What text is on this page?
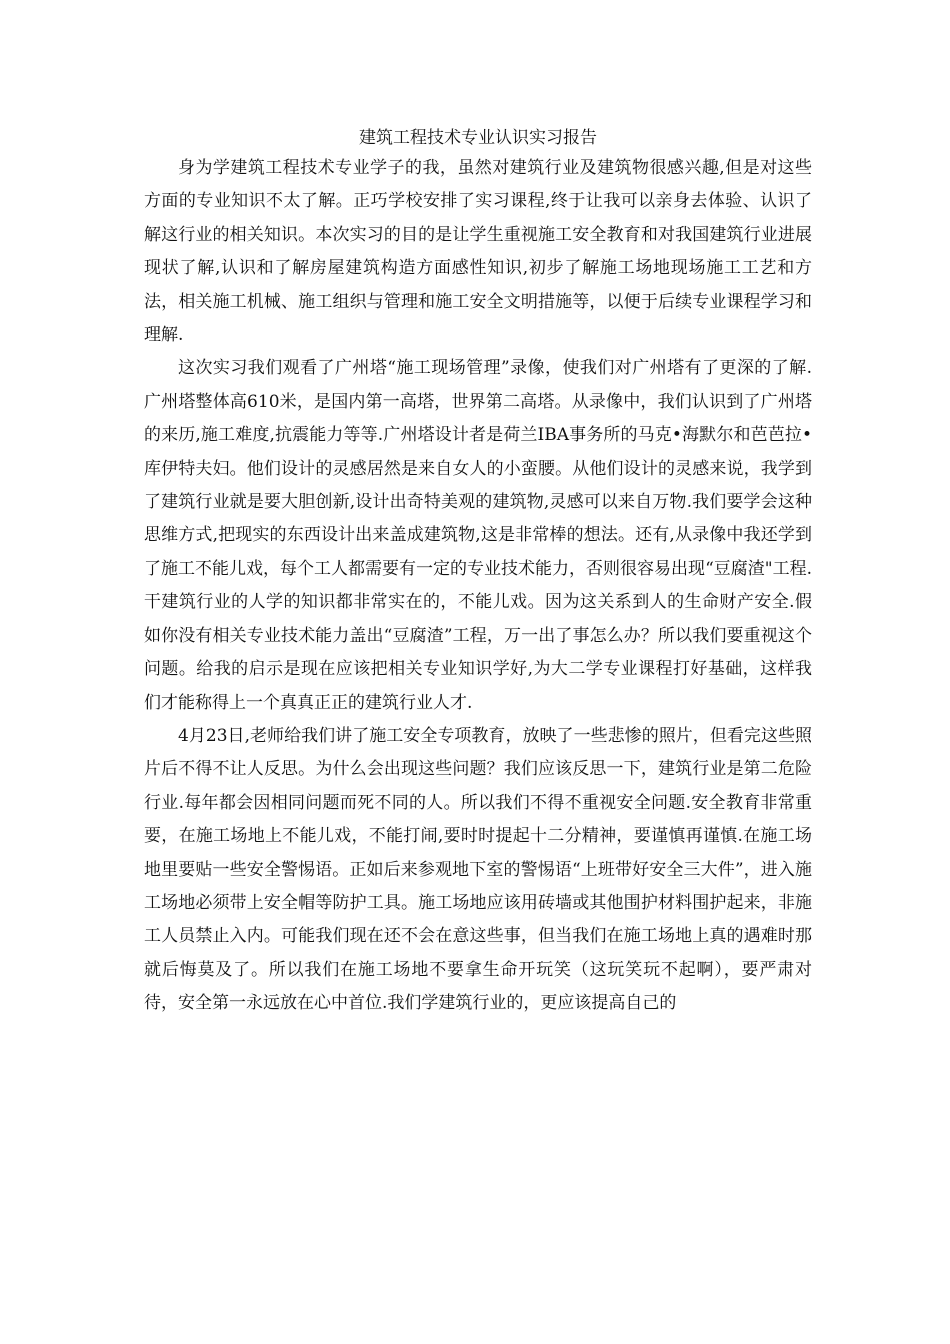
建筑工程技术专业认识实习报告

身为学建筑工程技术专业学子的我，虽然对建筑行业及建筑物很感兴趣,但是对这些方面的专业知识不太了解。正巧学校安排了实习课程,终于让我可以亲身去体验、认识了解这行业的相关知识。本次实习的目的是让学生重视施工安全教育和对我国建筑行业进展现状了解,认识和了解房屋建筑构造方面感性知识,初步了解施工场地现场施工工艺和方法，相关施工机械、施工组织与管理和施工安全文明措施等，以便于后续专业课程学习和理解.

这次实习我们观看了广州塔“施工现场管理”录像，使我们对广州塔有了更深的了解.广州塔整体高610米，是国内第一高塔，世界第二高塔。从录像中，我们认识到了广州塔的来历,施工难度,抗震能力等等.广州塔设计者是荷兰IBA事务所的马克•海默尔和芭芭拉•库伊特夫妇。他们设计的灵感居然是来自女人的小蛮腰。从他们设计的灵感来说，我学到了建筑行业就是要大胆创新,设计出奇特美观的建筑物,灵感可以来自万物.我们要学会这种思维方式,把现实的东西设计出来盖成建筑物,这是非常棒的想法。还有,从录像中我还学到了施工不能儿戏，每个工人都需要有一定的专业技术能力，否则很容易出现“豆腐渣"工程.干建筑行业的人学的知识都非常实在的，不能儿戏。因为这关系到人的生命财产安全.假如你没有相关专业技术能力盖出“豆腐渣”工程，万一出了事怎么办？所以我们要重视这个问题。给我的启示是现在应该把相关专业知识学好,为大二学专业课程打好基础，这样我们才能称得上一个真真正正的建筑行业人才.

4月23日,老师给我们讲了施工安全专项教育，放映了一些悲惨的照片，但看完这些照片后不得不让人反思。为什么会出现这些问题？我们应该反思一下，建筑行业是第二危险行业.每年都会因相同问题而死不同的人。所以我们不得不重视安全问题.安全教育非常重要，在施工场地上不能儿戏，不能打闹,要时时提起十二分精神，要谨慎再谨慎.在施工场地里要贴一些安全警惕语。正如后来参观地下室的警惕语“上班带好安全三大件”，进入施工场地必须带上安全帽等防护工具。施工场地应该用砖墙或其他围护材料围护起来，非施工人员禁止入内。可能我们现在还不会在意这些事，但当我们在施工场地上真的遇难时那就后悔莫及了。所以我们在施工场地不要拿生命开玩笑（这玩笑玩不起啊），要严肃对待，安全第一永远放在心中首位.我们学建筑行业的，更应该提高自己的
